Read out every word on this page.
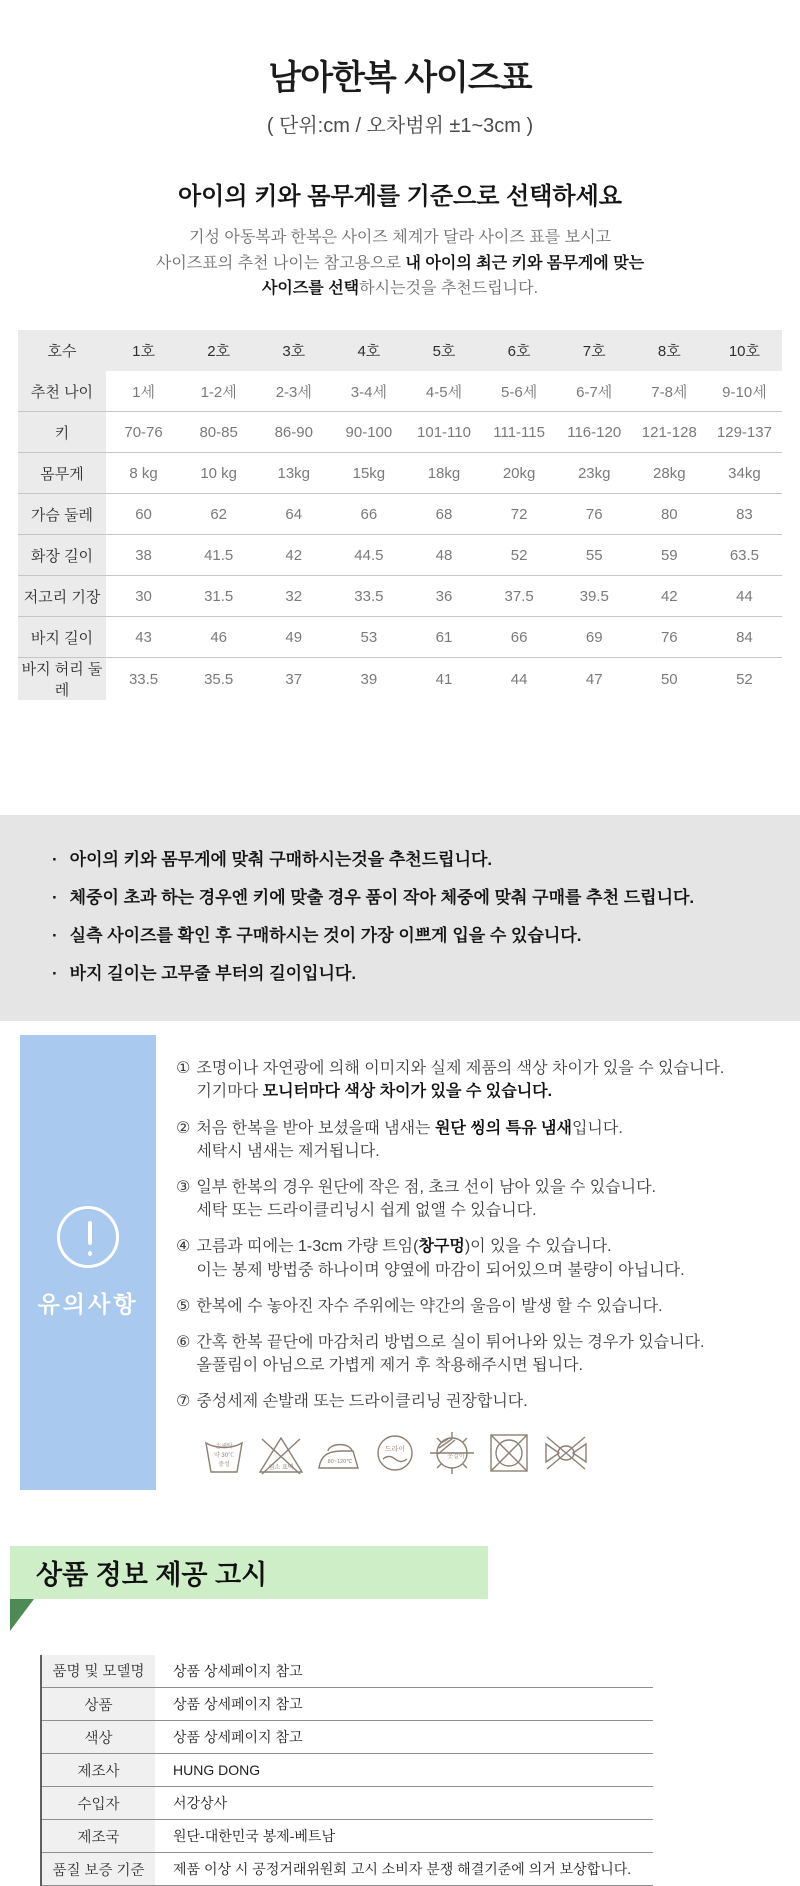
남아한복 사이즈표
( 단위:cm / 오차범위 ±1~3cm )
아이의 키와 몸무게를 기준으로 선택하세요

기성 아동복과 한복은 사이즈 체계가 달라 사이즈 표를 보시고

사이즈표의 추천 나이는 참고용으로 내 아이의 최근 키와 몸무게에 맞는

사이즈를 선택하시는것을 추천드립니다.

호수	1호	2호	3호	4호	5호	6호	7호	8호	10호
추천 나이	1세	1-2세	2-3세	3-4세	4-5세	5-6세	6-7세	7-8세	9-10세
키	70-76	80-85	86-90	90-100	101-110	111-115	116-120	121-128	129-137
몸무게	8 kg	10 kg	13kg	15kg	18kg	20kg	23kg	28kg	34kg
가슴 둘레	60	62	64	66	68	72	76	80	83
화장 길이	38	41.5	42	44.5	48	52	55	59	63.5
저고리 기장	30	31.5	32	33.5	36	37.5	39.5	42	44
바지 길이	43	46	49	53	61	66	69	76	84
바지 허리 둘레	33.5	35.5	37	39	41	44	47	50	52
· 아이의 키와 몸무게에 맞춰 구매하시는것을 추천드립니다.
· 체중이 초과 하는 경우엔 키에 맞출 경우 품이 작아 체중에 맞춰 구매를 추천 드립니다.
· 실측 사이즈를 확인 후 구매하시는 것이 가장 이쁘게 입을 수 있습니다.
· 바지 길이는 고무줄 부터의 길이입니다.
유의사항
① 조명이나 자연광에 의해 이미지와 실제 제품의 색상 차이가 있을 수 있습니다.

기기마다 모니터마다 색상 차이가 있을 수 있습니다.

② 처음 한복을 받아 보셨을때 냄새는 원단 씽의 특유 냄새입니다.

세탁시 냄새는 제거됩니다.

③ 일부 한복의 경우 원단에 작은 점, 초크 선이 남아 있을 수 있습니다.

세탁 또는 드라이클리닝시 쉽게 없앨 수 있습니다.

④ 고름과 띠에는 1-3cm 가량 트임(창구멍)이 있을 수 있습니다.

이는 봉제 방법중 하나이며 양옆에 마감이 되어있으며 불량이 아닙니다.

⑤ 한복에 수 놓아진 자수 주위에는 약간의 울음이 발생 할 수 있습니다.

⑥ 간혹 한복 끝단에 마감처리 방법으로 실이 튀어나와 있는 경우가 있습니다.

올풀림이 아님으로 가볍게 제거 후 착용해주시면 됩니다.

⑦ 중성세제 손발래 또는 드라이클리닝 권장합니다.

손세탁
약 30℃
중성	염소 표백
80~120℃
드라이
옷걸이
상품 정보 제공 고시
품명 및 모델명	상품 상세페이지 참고
상품	상품 상세페이지 참고
색상	상품 상세페이지 참고
제조사	HUNG DONG
수입자	서강상사
제조국	원단-대한민국 봉제-베트남
품질 보증 기준	제품 이상 시 공정거래위원회 고시 소비자 분쟁 해결기준에 의거 보상합니다.
